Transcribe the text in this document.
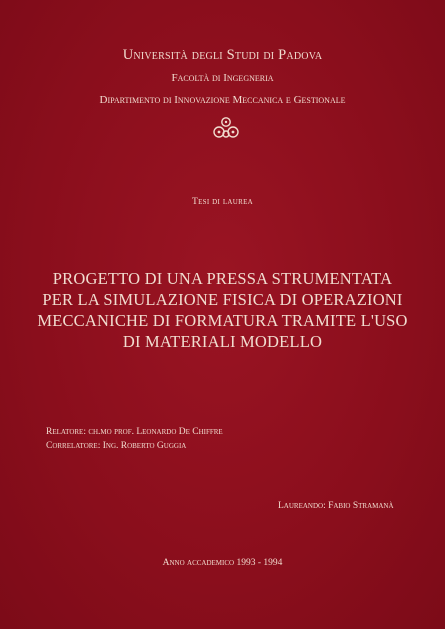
Università degli Studi di Padova
Facoltà di Ingegneria
Dipartimento di Innovazione Meccanica e Gestionale
Tesi di laurea
PROGETTO DI UNA PRESSA STRUMENTATA
PER LA SIMULAZIONE FISICA DI OPERAZIONI
MECCANICHE DI FORMATURA TRAMITE L'USO
DI MATERIALI MODELLO
Relatore: ch.mo prof. Leonardo De Chiffre
Correlatore: Ing. Roberto Guggia
Laureando: Fabio Stramanà
Anno accademico 1993 - 1994
